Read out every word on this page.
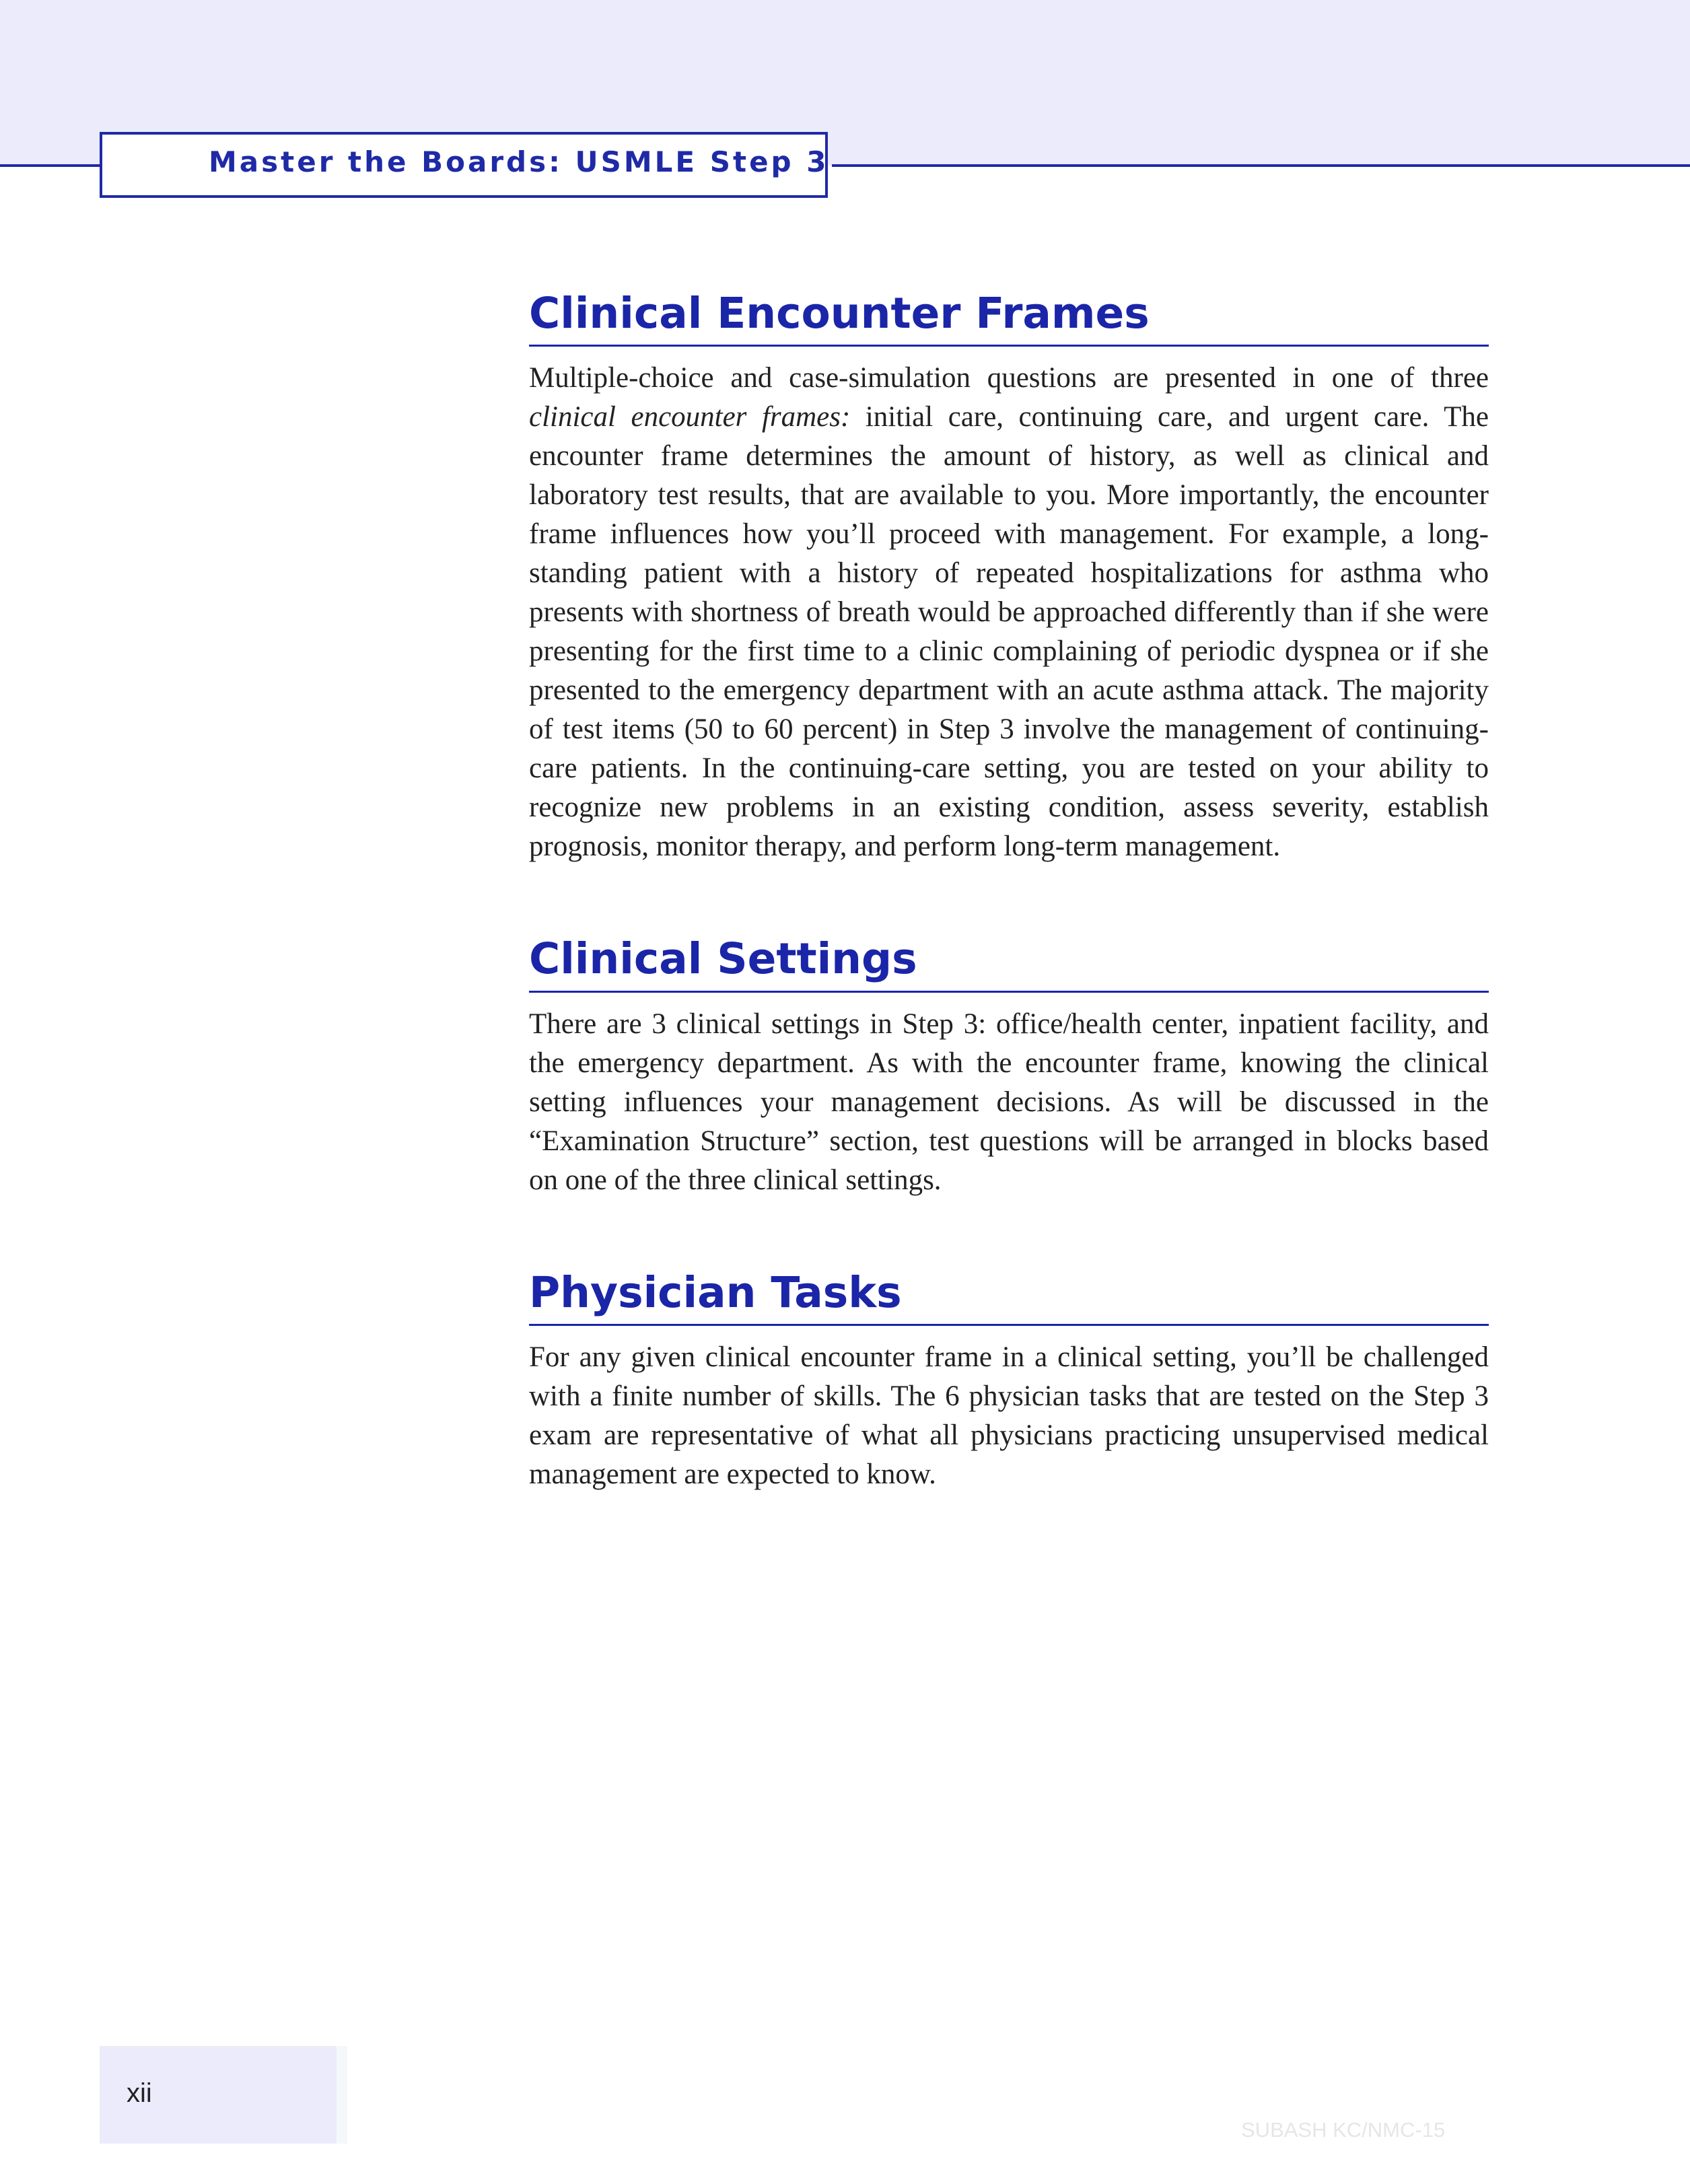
Master the Boards: USMLE Step 3
Clinical Encounter Frames

Multiple-choice and case-simulation questions are presented in one of three clinical encounter frames: initial care, continuing care, and urgent care. The encounter frame determines the amount of history, as well as clinical and laboratory test results, that are available to you. More importantly, the encounter frame influences how you’ll proceed with management. For example, a long-standing patient with a history of repeated hospitalizations for asthma who presents with shortness of breath would be approached differently than if she were presenting for the first time to a clinic complaining of periodic dyspnea or if she presented to the emergency department with an acute asthma attack. The majority of test items (50 to 60 percent) in Step 3 involve the management of continuing-care patients. In the continuing-care setting, you are tested on your ability to recognize new problems in an existing condition, assess severity, establish prognosis, monitor therapy, and perform long-term management.

Clinical Settings

There are 3 clinical settings in Step 3: office/health center, inpatient facility, and the emergency department. As with the encounter frame, knowing the clinical setting influences your management decisions. As will be discussed in the “Examination Structure” section, test questions will be arranged in blocks based on one of the three clinical settings.

Physician Tasks

For any given clinical encounter frame in a clinical setting, you’ll be challenged with a finite number of skills. The 6 physician tasks that are tested on the Step 3 exam are representative of what all physicians practicing unsupervised medical management are expected to know.

xii
SUBASH KC/NMC-15
